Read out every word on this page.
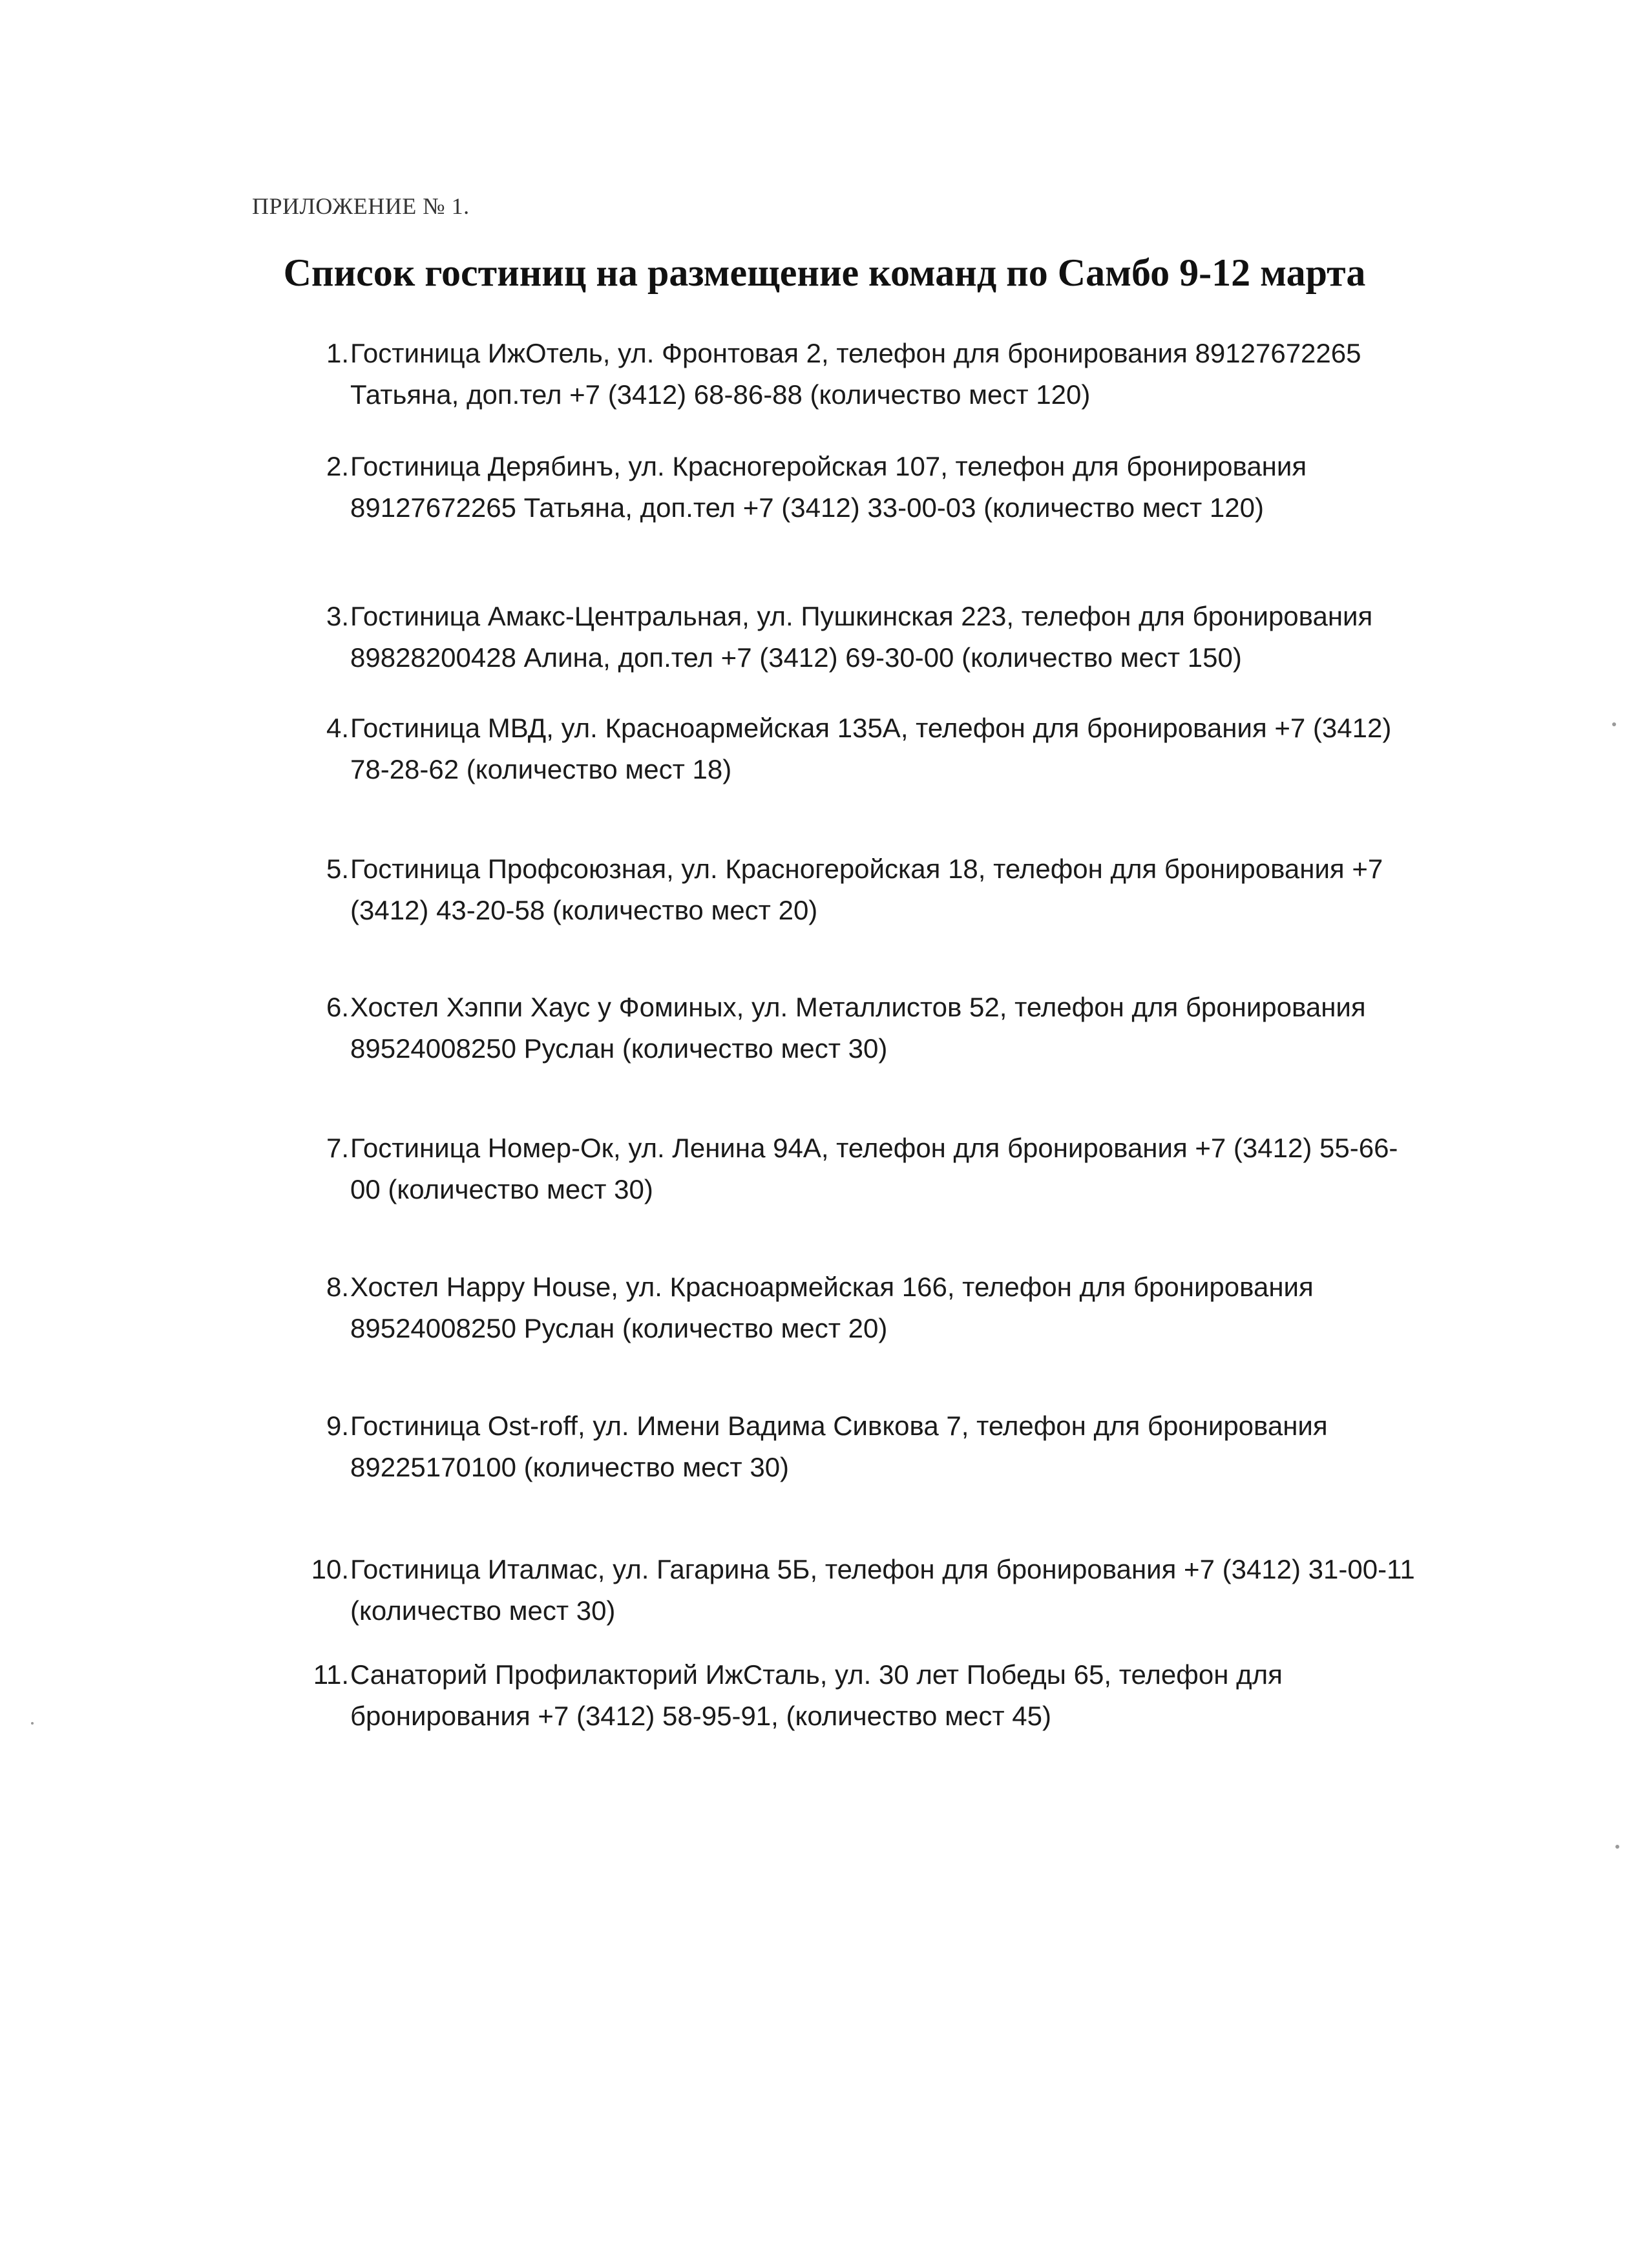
ПРИЛОЖЕНИЕ № 1.
Список гостиниц на размещение команд по Самбо 9-12 марта
1. Гостиница ИжОтель, ул. Фронтовая 2, телефон для бронирования 89127672265
Татьяна, доп.тел +7 (3412) 68-86-88 (количество мест 120)
2. Гостиница Дерябинъ, ул. Красногеройская 107, телефон для бронирования
89127672265 Татьяна, доп.тел +7 (3412) 33-00-03 (количество мест 120)
3. Гостиница Амакс-Центральная, ул. Пушкинская 223, телефон для бронирования
89828200428 Алина, доп.тел +7 (3412) 69-30-00 (количество мест 150)
4. Гостиница МВД, ул. Красноармейская 135А, телефон для бронирования +7 (3412)
78-28-62 (количество мест 18)
5. Гостиница Профсоюзная, ул. Красногеройская 18, телефон для бронирования +7
(3412) 43-20-58 (количество мест 20)
6. Хостел Хэппи Хаус у Фоминых, ул. Металлистов 52, телефон для бронирования
89524008250 Руслан (количество мест 30)
7. Гостиница Номер-Ок, ул. Ленина 94А, телефон для бронирования +7 (3412) 55-66-
00 (количество мест 30)
8. Хостел Happy House, ул. Красноармейская 166, телефон для бронирования
89524008250 Руслан (количество мест 20)
9. Гостиница Ost-roff, ул. Имени Вадима Сивкова 7, телефон для бронирования
89225170100 (количество мест 30)
10. Гостиница Италмас, ул. Гагарина 5Б, телефон для бронирования +7 (3412) 31-00-11
(количество мест 30)
11. Санаторий Профилакторий ИжСталь, ул. 30 лет Победы 65, телефон для
бронирования +7 (3412) 58-95-91, (количество мест 45)
